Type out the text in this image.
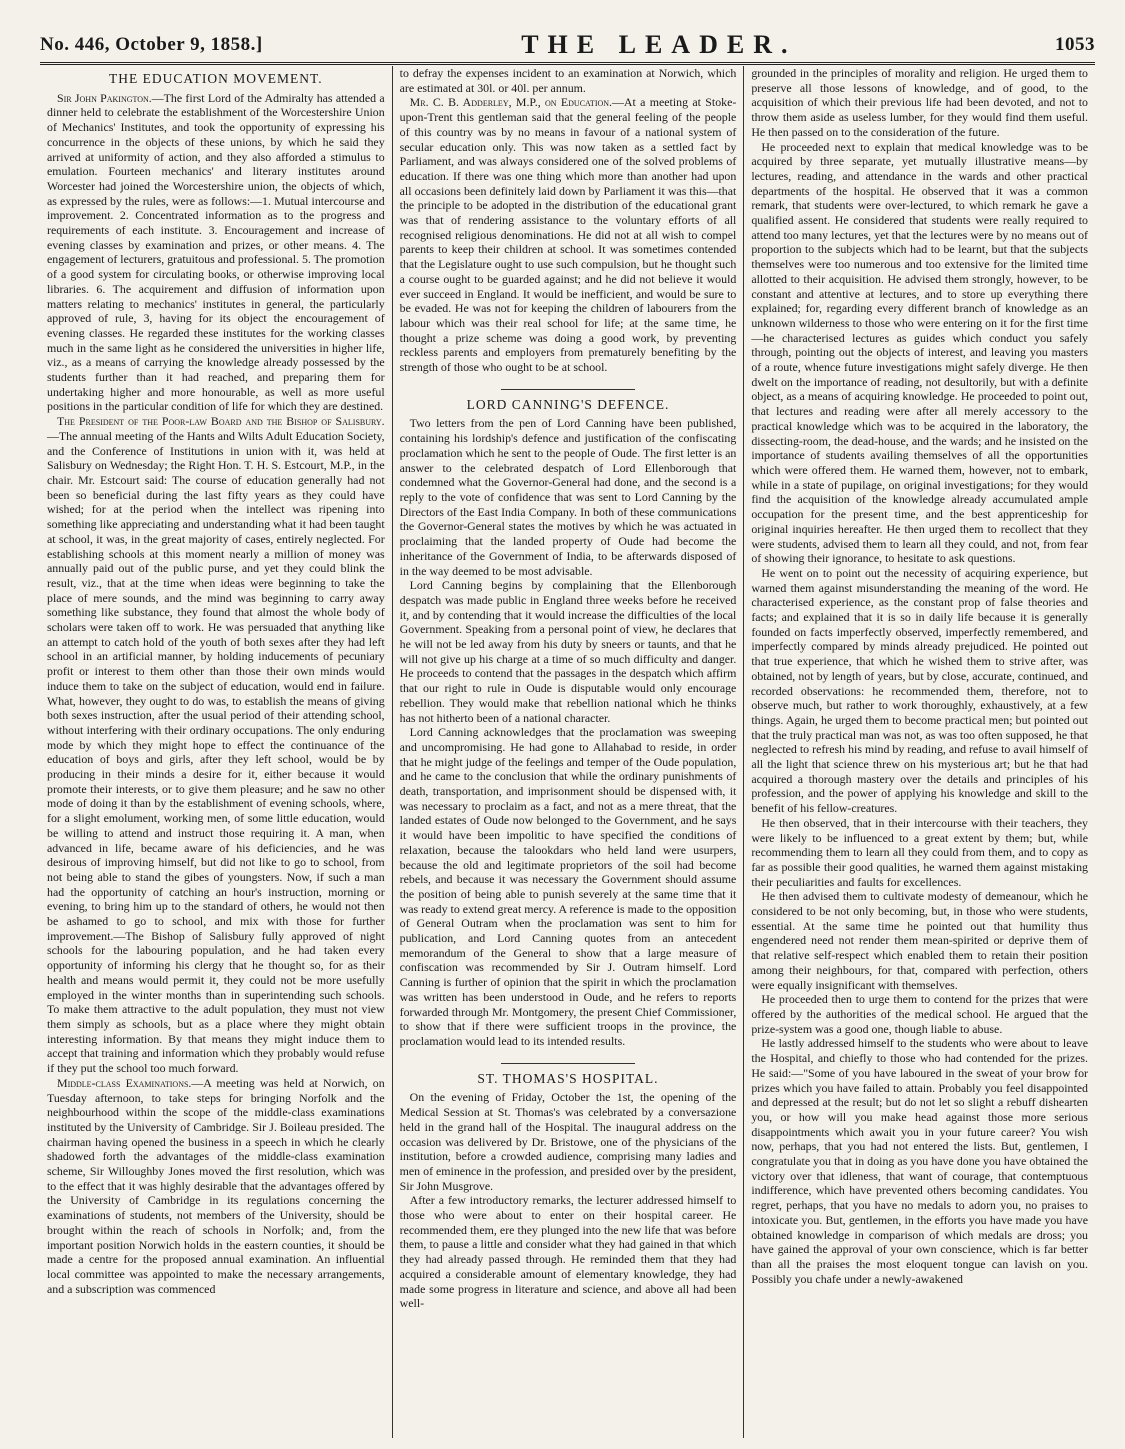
No. 446, October 9, 1858.]	THE LEADER.	1053
THE EDUCATION MOVEMENT.

Sir John Pakington.—The first Lord of the Admiralty has attended a dinner held to celebrate the establishment of the Worcestershire Union of Mechanics' Institutes, and took the opportunity of expressing his concurrence in the objects of these unions, by which he said they arrived at uniformity of action, and they also afforded a stimulus to emulation. Fourteen mechanics' and literary institutes around Worcester had joined the Worcestershire union, the objects of which, as expressed by the rules, were as follows:—1. Mutual intercourse and improvement. 2. Concentrated information as to the progress and requirements of each institute. 3. Encouragement and increase of evening classes by examination and prizes, or other means. 4. The engagement of lecturers, gratuitous and professional. 5. The promotion of a good system for circulating books, or otherwise improving local libraries. 6. The acquirement and diffusion of information upon matters relating to mechanics' institutes in general, the particularly approved of rule, 3, having for its object the encouragement of evening classes. He regarded these institutes for the working classes much in the same light as he considered the universities in higher life, viz., as a means of carrying the knowledge already possessed by the students further than it had reached, and preparing them for undertaking higher and more honourable, as well as more useful positions in the particular condition of life for which they are destined.

The President of the Poor-law Board and the Bishop of Salisbury.—The annual meeting of the Hants and Wilts Adult Education Society, and the Conference of Institutions in union with it, was held at Salisbury on Wednesday; the Right Hon. T. H. S. Estcourt, M.P., in the chair. Mr. Estcourt said: The course of education generally had not been so beneficial during the last fifty years as they could have wished; for at the period when the intellect was ripening into something like appreciating and understanding what it had been taught at school, it was, in the great majority of cases, entirely neglected. For establishing schools at this moment nearly a million of money was annually paid out of the public purse, and yet they could blink the result, viz., that at the time when ideas were beginning to take the place of mere sounds, and the mind was beginning to carry away something like substance, they found that almost the whole body of scholars were taken off to work. He was persuaded that anything like an attempt to catch hold of the youth of both sexes after they had left school in an artificial manner, by holding inducements of pecuniary profit or interest to them other than those their own minds would induce them to take on the subject of education, would end in failure. What, however, they ought to do was, to establish the means of giving both sexes instruction, after the usual period of their attending school, without interfering with their ordinary occupations. The only enduring mode by which they might hope to effect the continuance of the education of boys and girls, after they left school, would be by producing in their minds a desire for it, either because it would promote their interests, or to give them pleasure; and he saw no other mode of doing it than by the establishment of evening schools, where, for a slight emolument, working men, of some little education, would be willing to attend and instruct those requiring it. A man, when advanced in life, became aware of his deficiencies, and he was desirous of improving himself, but did not like to go to school, from not being able to stand the gibes of youngsters. Now, if such a man had the opportunity of catching an hour's instruction, morning or evening, to bring him up to the standard of others, he would not then be ashamed to go to school, and mix with those for further improvement.—The Bishop of Salisbury fully approved of night schools for the labouring population, and he had taken every opportunity of informing his clergy that he thought so, for as their health and means would permit it, they could not be more usefully employed in the winter months than in superintending such schools. To make them attractive to the adult population, they must not view them simply as schools, but as a place where they might obtain interesting information. By that means they might induce them to accept that training and information which they probably would refuse if they put the school too much forward.

Middle-class Examinations.—A meeting was held at Norwich, on Tuesday afternoon, to take steps for bringing Norfolk and the neighbourhood within the scope of the middle-class examinations instituted by the University of Cambridge. Sir J. Boileau presided. The chairman having opened the business in a speech in which he clearly shadowed forth the advantages of the middle-class examination scheme, Sir Willoughby Jones moved the first resolution, which was to the effect that it was highly desirable that the advantages offered by the University of Cambridge in its regulations concerning the examinations of students, not members of the University, should be brought within the reach of schools in Norfolk; and, from the important position Norwich holds in the eastern counties, it should be made a centre for the proposed annual examination. An influential local committee was appointed to make the necessary arrangements, and a subscription was commenced

to defray the expenses incident to an examination at Norwich, which are estimated at 30l. or 40l. per annum.

Mr. C. B. Adderley, M.P., on Education.—At a meeting at Stoke-upon-Trent this gentleman said that the general feeling of the people of this country was by no means in favour of a national system of secular education only. This was now taken as a settled fact by Parliament, and was always considered one of the solved problems of education. If there was one thing which more than another had upon all occasions been definitely laid down by Parliament it was this—that the principle to be adopted in the distribution of the educational grant was that of rendering assistance to the voluntary efforts of all recognised religious denominations. He did not at all wish to compel parents to keep their children at school. It was sometimes contended that the Legislature ought to use such compulsion, but he thought such a course ought to be guarded against; and he did not believe it would ever succeed in England. It would be inefficient, and would be sure to be evaded. He was not for keeping the children of labourers from the labour which was their real school for life; at the same time, he thought a prize scheme was doing a good work, by preventing reckless parents and employers from prematurely benefiting by the strength of those who ought to be at school.

LORD CANNING'S DEFENCE.

Two letters from the pen of Lord Canning have been published, containing his lordship's defence and justification of the confiscating proclamation which he sent to the people of Oude. The first letter is an answer to the celebrated despatch of Lord Ellenborough that condemned what the Governor-General had done, and the second is a reply to the vote of confidence that was sent to Lord Canning by the Directors of the East India Company. In both of these communications the Governor-General states the motives by which he was actuated in proclaiming that the landed property of Oude had become the inheritance of the Government of India, to be afterwards disposed of in the way deemed to be most advisable.

Lord Canning begins by complaining that the Ellenborough despatch was made public in England three weeks before he received it, and by contending that it would increase the difficulties of the local Government. Speaking from a personal point of view, he declares that he will not be led away from his duty by sneers or taunts, and that he will not give up his charge at a time of so much difficulty and danger. He proceeds to contend that the passages in the despatch which affirm that our right to rule in Oude is disputable would only encourage rebellion. They would make that rebellion national which he thinks has not hitherto been of a national character.

Lord Canning acknowledges that the proclamation was sweeping and uncompromising. He had gone to Allahabad to reside, in order that he might judge of the feelings and temper of the Oude population, and he came to the conclusion that while the ordinary punishments of death, transportation, and imprisonment should be dispensed with, it was necessary to proclaim as a fact, and not as a mere threat, that the landed estates of Oude now belonged to the Government, and he says it would have been impolitic to have specified the conditions of relaxation, because the talookdars who held land were usurpers, because the old and legitimate proprietors of the soil had become rebels, and because it was necessary the Government should assume the position of being able to punish severely at the same time that it was ready to extend great mercy. A reference is made to the opposition of General Outram when the proclamation was sent to him for publication, and Lord Canning quotes from an antecedent memorandum of the General to show that a large measure of confiscation was recommended by Sir J. Outram himself. Lord Canning is further of opinion that the spirit in which the proclamation was written has been understood in Oude, and he refers to reports forwarded through Mr. Montgomery, the present Chief Commissioner, to show that if there were sufficient troops in the province, the proclamation would lead to its intended results.

ST. THOMAS'S HOSPITAL.

On the evening of Friday, October the 1st, the opening of the Medical Session at St. Thomas's was celebrated by a conversazione held in the grand hall of the Hospital. The inaugural address on the occasion was delivered by Dr. Bristowe, one of the physicians of the institution, before a crowded audience, comprising many ladies and men of eminence in the profession, and presided over by the president, Sir John Musgrove.

After a few introductory remarks, the lecturer addressed himself to those who were about to enter on their hospital career. He recommended them, ere they plunged into the new life that was before them, to pause a little and consider what they had gained in that which they had already passed through. He reminded them that they had acquired a considerable amount of elementary knowledge, they had made some progress in literature and science, and above all had been well-

grounded in the principles of morality and religion. He urged them to preserve all those lessons of knowledge, and of good, to the acquisition of which their previous life had been devoted, and not to throw them aside as useless lumber, for they would find them useful. He then passed on to the consideration of the future.

He proceeded next to explain that medical knowledge was to be acquired by three separate, yet mutually illustrative means—by lectures, reading, and attendance in the wards and other practical departments of the hospital. He observed that it was a common remark, that students were over-lectured, to which remark he gave a qualified assent. He considered that students were really required to attend too many lectures, yet that the lectures were by no means out of proportion to the subjects which had to be learnt, but that the subjects themselves were too numerous and too extensive for the limited time allotted to their acquisition. He advised them strongly, however, to be constant and attentive at lectures, and to store up everything there explained; for, regarding every different branch of knowledge as an unknown wilderness to those who were entering on it for the first time—he characterised lectures as guides which conduct you safely through, pointing out the objects of interest, and leaving you masters of a route, whence future investigations might safely diverge. He then dwelt on the importance of reading, not desultorily, but with a definite object, as a means of acquiring knowledge. He proceeded to point out, that lectures and reading were after all merely accessory to the practical knowledge which was to be acquired in the laboratory, the dissecting-room, the dead-house, and the wards; and he insisted on the importance of students availing themselves of all the opportunities which were offered them. He warned them, however, not to embark, while in a state of pupilage, on original investigations; for they would find the acquisition of the knowledge already accumulated ample occupation for the present time, and the best apprenticeship for original inquiries hereafter. He then urged them to recollect that they were students, advised them to learn all they could, and not, from fear of showing their ignorance, to hesitate to ask questions.

He went on to point out the necessity of acquiring experience, but warned them against misunderstanding the meaning of the word. He characterised experience, as the constant prop of false theories and facts; and explained that it is so in daily life because it is generally founded on facts imperfectly observed, imperfectly remembered, and imperfectly compared by minds already prejudiced. He pointed out that true experience, that which he wished them to strive after, was obtained, not by length of years, but by close, accurate, continued, and recorded observations: he recommended them, therefore, not to observe much, but rather to work thoroughly, exhaustively, at a few things. Again, he urged them to become practical men; but pointed out that the truly practical man was not, as was too often supposed, he that neglected to refresh his mind by reading, and refuse to avail himself of all the light that science threw on his mysterious art; but he that had acquired a thorough mastery over the details and principles of his profession, and the power of applying his knowledge and skill to the benefit of his fellow-creatures.

He then observed, that in their intercourse with their teachers, they were likely to be influenced to a great extent by them; but, while recommending them to learn all they could from them, and to copy as far as possible their good qualities, he warned them against mistaking their peculiarities and faults for excellences.

He then advised them to cultivate modesty of demeanour, which he considered to be not only becoming, but, in those who were students, essential. At the same time he pointed out that humility thus engendered need not render them mean-spirited or deprive them of that relative self-respect which enabled them to retain their position among their neighbours, for that, compared with perfection, others were equally insignificant with themselves.

He proceeded then to urge them to contend for the prizes that were offered by the authorities of the medical school. He argued that the prize-system was a good one, though liable to abuse.

He lastly addressed himself to the students who were about to leave the Hospital, and chiefly to those who had contended for the prizes. He said:—"Some of you have laboured in the sweat of your brow for prizes which you have failed to attain. Probably you feel disappointed and depressed at the result; but do not let so slight a rebuff dishearten you, or how will you make head against those more serious disappointments which await you in your future career? You wish now, perhaps, that you had not entered the lists. But, gentlemen, I congratulate you that in doing as you have done you have obtained the victory over that idleness, that want of courage, that contemptuous indifference, which have prevented others becoming candidates. You regret, perhaps, that you have no medals to adorn you, no praises to intoxicate you. But, gentlemen, in the efforts you have made you have obtained knowledge in comparison of which medals are dross; you have gained the approval of your own conscience, which is far better than all the praises the most eloquent tongue can lavish on you. Possibly you chafe under a newly-awakened
